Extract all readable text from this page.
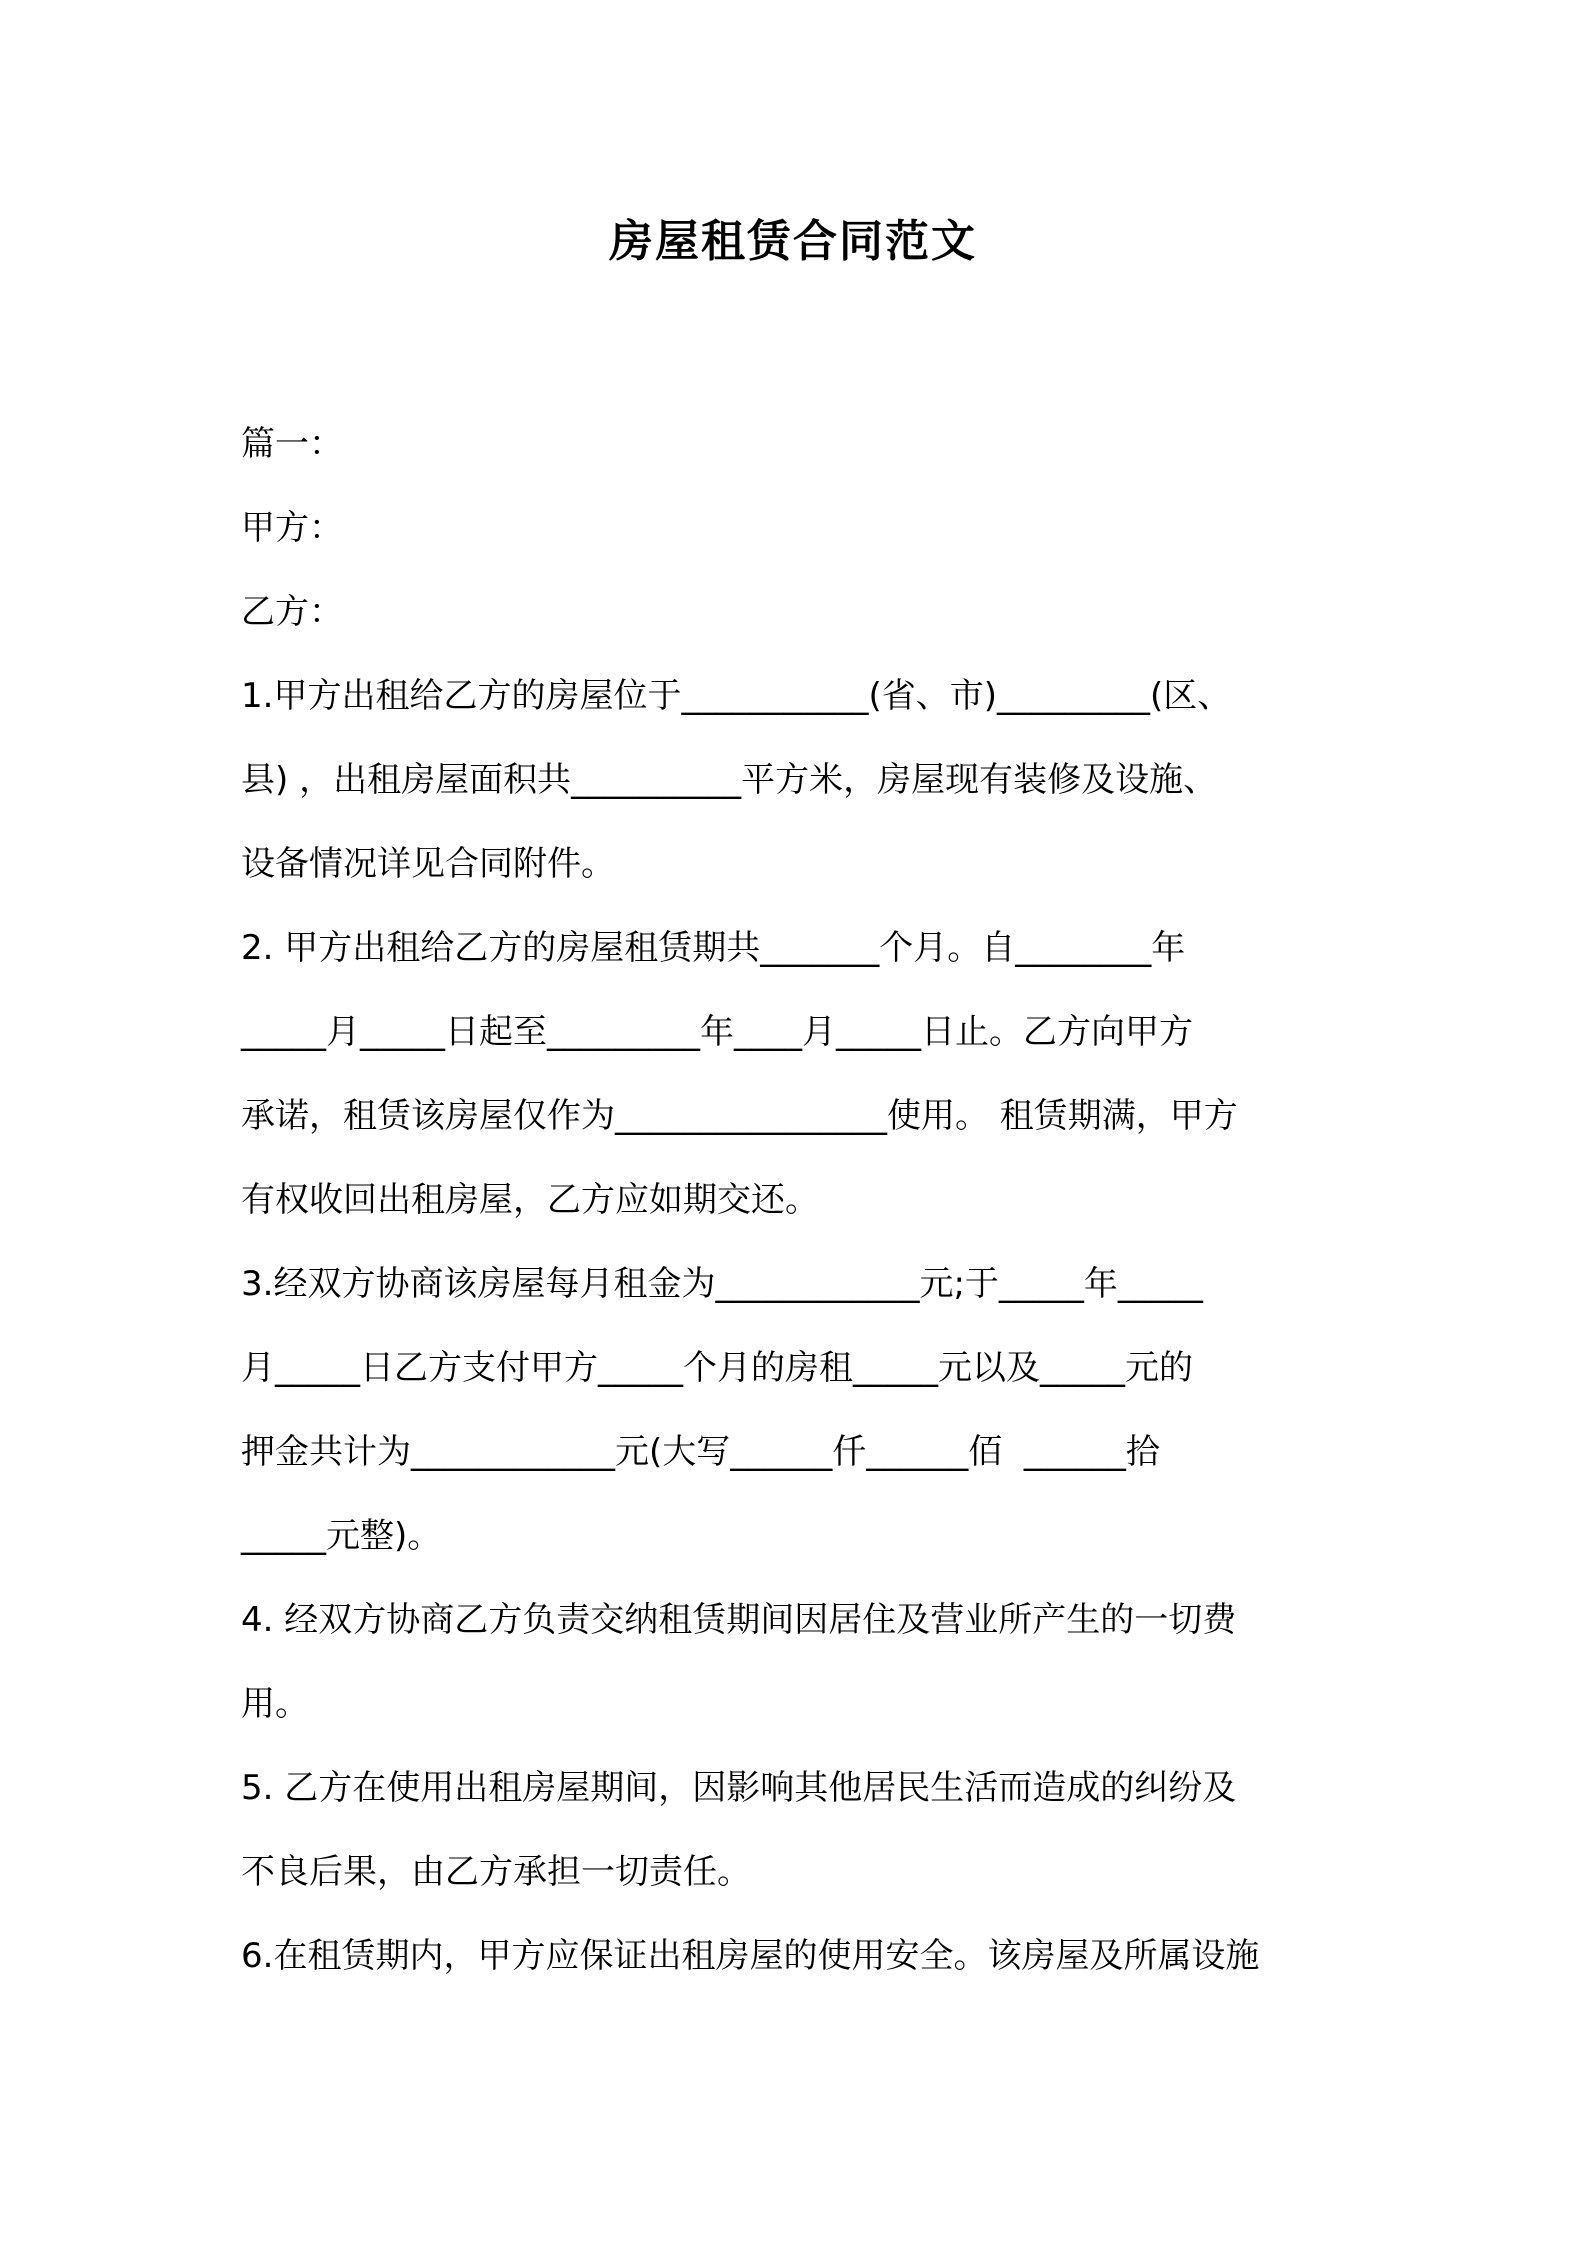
房屋租赁合同范文
篇一：
甲方：
乙方：
1.甲方出租给乙方的房屋位于___________(省、市)_________(区、
县) ，出租房屋面积共__________平方米，房屋现有装修及设施、
设备情况详见合同附件。
2. 甲方出租给乙方的房屋租赁期共_______个月。自________年
_____月_____日起至_________年____月_____日止。乙方向甲方
承诺，租赁该房屋仅作为________________使用。 租赁期满，甲方
有权收回出租房屋，乙方应如期交还。
3.经双方协商该房屋每月租金为____________元;于_____年_____
月_____日乙方支付甲方_____个月的房租_____元以及_____元的
押金共计为____________元(大写______仟______佰  ______拾
_____元整)。
4. 经双方协商乙方负责交纳租赁期间因居住及营业所产生的一切费
用。
5. 乙方在使用出租房屋期间，因影响其他居民生活而造成的纠纷及
不良后果，由乙方承担一切责任。
6.在租赁期内，甲方应保证出租房屋的使用安全。该房屋及所属设施
